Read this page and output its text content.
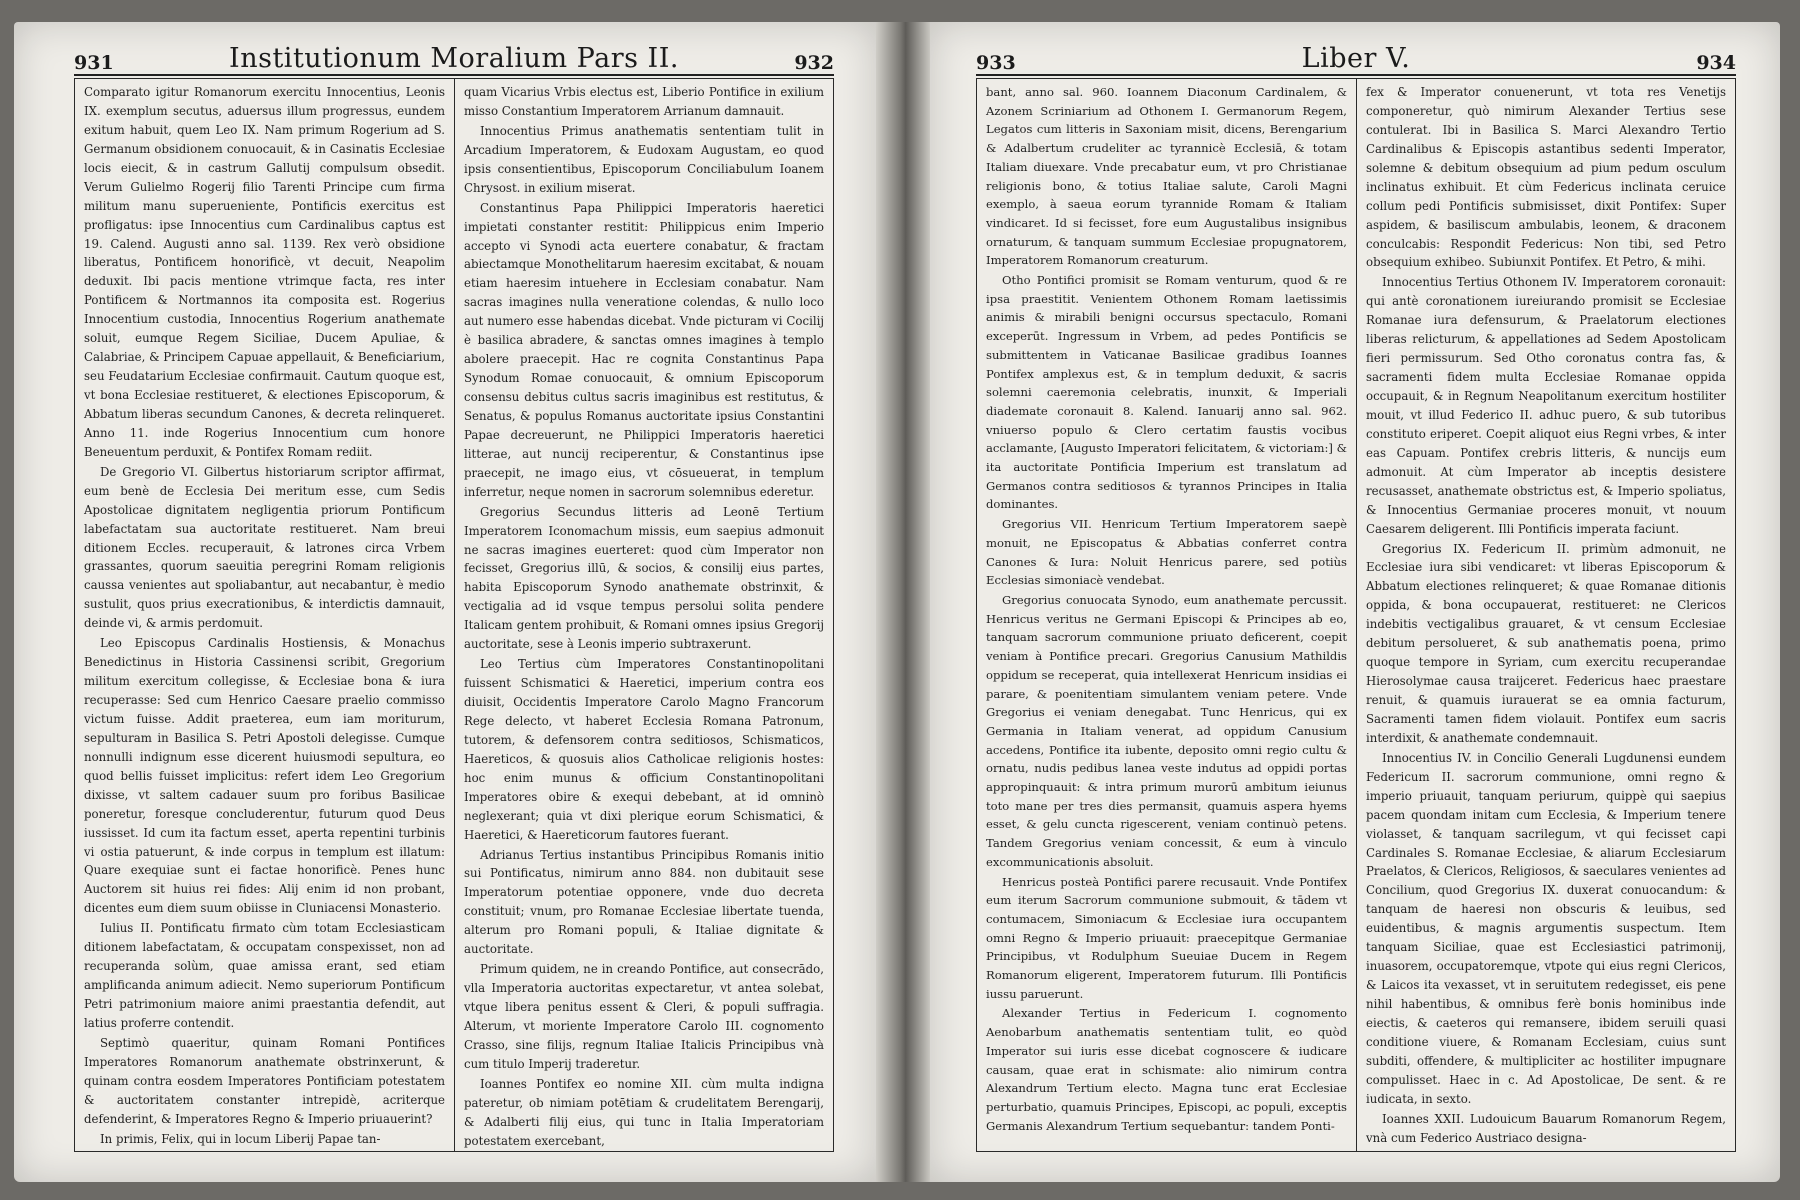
931	Institutionum Moralium Pars II.	932

Comparato igitur Romanorum exercitu Innocentius, Leonis IX. exemplum secutus, aduersus illum progressus, eundem exitum habuit, quem Leo IX. Nam primum Rogerium ad S. Germanum obsidionem conuocauit, & in Casinatis Ecclesiae locis eiecit, & in castrum Gallutij compulsum obsedit. Verum Gulielmo Rogerij filio Tarenti Principe cum firma militum manu superueniente, Pontificis exercitus est profligatus: ipse Innocentius cum Cardinalibus captus est 19. Calend. Augusti anno sal. 1139. Rex verò obsidione liberatus, Pontificem honorificè, vt decuit, Neapolim deduxit. Ibi pacis mentione vtrimque facta, res inter Pontificem & Nortmannos ita composita est. Rogerius Innocentium custodia, Innocentius Rogerium anathemate soluit, eumque Regem Siciliae, Ducem Apuliae, & Calabriae, & Principem Capuae appellauit, & Beneficiarium, seu Feudatarium Ecclesiae confirmauit. Cautum quoque est, vt bona Ecclesiae restitueret, & electiones Episcoporum, & Abbatum liberas secundum Canones, & decreta relinqueret. Anno 11. inde Rogerius Innocentium cum honore Beneuentum perduxit, & Pontifex Romam rediit.

De Gregorio VI. Gilbertus historiarum scriptor affirmat, eum benè de Ecclesia Dei meritum esse, cum Sedis Apostolicae dignitatem negligentia priorum Pontificum labefactatam sua auctoritate restitueret. Nam breui ditionem Eccles. recuperauit, & latrones circa Vrbem grassantes, quorum saeuitia peregrini Romam religionis caussa venientes aut spoliabantur, aut necabantur, è medio sustulit, quos prius execrationibus, & interdictis damnauit, deinde vi, & armis perdomuit.

Leo Episcopus Cardinalis Hostiensis, & Monachus Benedictinus in Historia Cassinensi scribit, Gregorium militum exercitum collegisse, & Ecclesiae bona & iura recuperasse: Sed cum Henrico Caesare praelio commisso victum fuisse. Addit praeterea, eum iam moriturum, sepulturam in Basilica S. Petri Apostoli delegisse. Cumque nonnulli indignum esse dicerent huiusmodi sepultura, eo quod bellis fuisset implicitus: refert idem Leo Gregorium dixisse, vt saltem cadauer suum pro foribus Basilicae poneretur, foresque concluderentur, futurum quod Deus iussisset. Id cum ita factum esset, aperta repentini turbinis vi ostia patuerunt, & inde corpus in templum est illatum: Quare exequiae sunt ei factae honorificè. Penes hunc Auctorem sit huius rei fides: Alij enim id non probant, dicentes eum diem suum obiisse in Cluniacensi Monasterio.

Iulius II. Pontificatu firmato cùm totam Ecclesiasticam ditionem labefactatam, & occupatam conspexisset, non ad recuperanda solùm, quae amissa erant, sed etiam amplificanda animum adiecit. Nemo superiorum Pontificum Petri patrimonium maiore animi praestantia defendit, aut latius proferre contendit.

Septimò quaeritur, quinam Romani Pontifices Imperatores Romanorum anathemate obstrinxerunt, & quinam contra eosdem Imperatores Pontificiam potestatem & auctoritatem constanter intrepidè, acriterque defenderint, & Imperatores Regno & Imperio priuauerint?

In primis, Felix, qui in locum Liberij Papae tan-

quam Vicarius Vrbis electus est, Liberio Pontifice in exilium misso Constantium Imperatorem Arrianum damnauit.

Innocentius Primus anathematis sententiam tulit in Arcadium Imperatorem, & Eudoxam Augustam, eo quod ipsis consentientibus, Episcoporum Conciliabulum Ioanem Chrysost. in exilium miserat.

Constantinus Papa Philippici Imperatoris haeretici impietati constanter restitit: Philippicus enim Imperio accepto vi Synodi acta euertere conabatur, & fractam abiectamque Monothelitarum haeresim excitabat, & nouam etiam haeresim intuehere in Ecclesiam conabatur. Nam sacras imagines nulla veneratione colendas, & nullo loco aut numero esse habendas dicebat. Vnde picturam vi Cocilij è basilica abradere, & sanctas omnes imagines à templo abolere praecepit. Hac re cognita Constantinus Papa Synodum Romae conuocauit, & omnium Episcoporum consensu debitus cultus sacris imaginibus est restitutus, & Senatus, & populus Romanus auctoritate ipsius Constantini Papae decreuerunt, ne Philippici Imperatoris haeretici litterae, aut nuncij reciperentur, & Constantinus ipse praecepit, ne imago eius, vt cōsueuerat, in templum inferretur, neque nomen in sacrorum solemnibus ederetur.

Gregorius Secundus litteris ad Leonē Tertium Imperatorem Iconomachum missis, eum saepius admonuit ne sacras imagines euerteret: quod cùm Imperator non fecisset, Gregorius illū, & socios, & consilij eius partes, habita Episcoporum Synodo anathemate obstrinxit, & vectigalia ad id vsque tempus persolui solita pendere Italicam gentem prohibuit, & Romani omnes ipsius Gregorij auctoritate, sese à Leonis imperio subtraxerunt.

Leo Tertius cùm Imperatores Constantinopolitani fuissent Schismatici & Haeretici, imperium contra eos diuisit, Occidentis Imperatore Carolo Magno Francorum Rege delecto, vt haberet Ecclesia Romana Patronum, tutorem, & defensorem contra seditiosos, Schismaticos, Haereticos, & quosuis alios Catholicae religionis hostes: hoc enim munus & officium Constantinopolitani Imperatores obire & exequi debebant, at id omninò neglexerant; quia vt dixi plerique eorum Schismatici, & Haeretici, & Haereticorum fautores fuerant.

Adrianus Tertius instantibus Principibus Romanis initio sui Pontificatus, nimirum anno 884. non dubitauit sese Imperatorum potentiae opponere, vnde duo decreta constituit; vnum, pro Romanae Ecclesiae libertate tuenda, alterum pro Romani populi, & Italiae dignitate & auctoritate.

Primum quidem, ne in creando Pontifice, aut consecrādo, vlla Imperatoria auctoritas expectaretur, vt antea solebat, vtque libera penitus essent & Cleri, & populi suffragia. Alterum, vt moriente Imperatore Carolo III. cognomento Crasso, sine filijs, regnum Italiae Italicis Principibus vnà cum titulo Imperij traderetur.

Ioannes Pontifex eo nomine XII. cùm multa indigna pateretur, ob nimiam potētiam & crudelitatem Berengarij, & Adalberti filij eius, qui tunc in Italia Imperatoriam potestatem exercebant,

933	Liber V.	934

bant, anno sal. 960. Ioannem Diaconum Cardinalem, & Azonem Scriniarium ad Othonem I. Germanorum Regem, Legatos cum litteris in Saxoniam misit, dicens, Berengarium & Adalbertum crudeliter ac tyrannicè Ecclesiā, & totam Italiam diuexare. Vnde precabatur eum, vt pro Christianae religionis bono, & totius Italiae salute, Caroli Magni exemplo, à saeua eorum tyrannide Romam & Italiam vindicaret. Id si fecisset, fore eum Augustalibus insignibus ornaturum, & tanquam summum Ecclesiae propugnatorem, Imperatorem Romanorum creaturum.

Otho Pontifici promisit se Romam venturum, quod & re ipsa praestitit. Venientem Othonem Romam laetissimis animis & mirabili benigni occursus spectaculo, Romani exceperūt. Ingressum in Vrbem, ad pedes Pontificis se submittentem in Vaticanae Basilicae gradibus Ioannes Pontifex amplexus est, & in templum deduxit, & sacris solemni caeremonia celebratis, inunxit, & Imperiali diademate coronauit 8. Kalend. Ianuarij anno sal. 962. vniuerso populo & Clero certatim faustis vocibus acclamante, [Augusto Imperatori felicitatem, & victoriam:] & ita auctoritate Pontificia Imperium est translatum ad Germanos contra seditiosos & tyrannos Principes in Italia dominantes.

Gregorius VII. Henricum Tertium Imperatorem saepè monuit, ne Episcopatus & Abbatias conferret contra Canones & Iura: Noluit Henricus parere, sed potiùs Ecclesias simoniacè vendebat.

Gregorius conuocata Synodo, eum anathemate percussit. Henricus veritus ne Germani Episcopi & Principes ab eo, tanquam sacrorum communione priuato deficerent, coepit veniam à Pontifice precari. Gregorius Canusium Mathildis oppidum se receperat, quia intellexerat Henricum insidias ei parare, & poenitentiam simulantem veniam petere. Vnde Gregorius ei veniam denegabat. Tunc Henricus, qui ex Germania in Italiam venerat, ad oppidum Canusium accedens, Pontifice ita iubente, deposito omni regio cultu & ornatu, nudis pedibus lanea veste indutus ad oppidi portas appropinquauit: & intra primum murorū ambitum ieiunus toto mane per tres dies permansit, quamuis aspera hyems esset, & gelu cuncta rigescerent, veniam continuò petens. Tandem Gregorius veniam concessit, & eum à vinculo excommunicationis absoluit.

Henricus posteà Pontifici parere recusauit. Vnde Pontifex eum iterum Sacrorum communione submouit, & tādem vt contumacem, Simoniacum & Ecclesiae iura occupantem omni Regno & Imperio priuauit: praecepitque Germaniae Principibus, vt Rodulphum Sueuiae Ducem in Regem Romanorum eligerent, Imperatorem futurum. Illi Pontificis iussu paruerunt.

Alexander Tertius in Federicum I. cognomento Aenobarbum anathematis sententiam tulit, eo quòd Imperator sui iuris esse dicebat cognoscere & iudicare causam, quae erat in schismate: alio nimirum contra Alexandrum Tertium electo. Magna tunc erat Ecclesiae perturbatio, quamuis Principes, Episcopi, ac populi, exceptis Germanis Alexandrum Tertium sequebantur: tandem Ponti-

fex & Imperator conuenerunt, vt tota res Venetijs componeretur, quò nimirum Alexander Tertius sese contulerat. Ibi in Basilica S. Marci Alexandro Tertio Cardinalibus & Episcopis astantibus sedenti Imperator, solemne & debitum obsequium ad pium pedum osculum inclinatus exhibuit. Et cùm Federicus inclinata ceruice collum pedi Pontificis submisisset, dixit Pontifex: Super aspidem, & basiliscum ambulabis, leonem, & draconem conculcabis: Respondit Federicus: Non tibi, sed Petro obsequium exhibeo. Subiunxit Pontifex. Et Petro, & mihi.

Innocentius Tertius Othonem IV. Imperatorem coronauit: qui antè coronationem iureiurando promisit se Ecclesiae Romanae iura defensurum, & Praelatorum electiones liberas relicturum, & appellationes ad Sedem Apostolicam fieri permissurum. Sed Otho coronatus contra fas, & sacramenti fidem multa Ecclesiae Romanae oppida occupauit, & in Regnum Neapolitanum exercitum hostiliter mouit, vt illud Federico II. adhuc puero, & sub tutoribus constituto eriperet. Coepit aliquot eius Regni vrbes, & inter eas Capuam. Pontifex crebris litteris, & nuncijs eum admonuit. At cùm Imperator ab inceptis desistere recusasset, anathemate obstrictus est, & Imperio spoliatus, & Innocentius Germaniae proceres monuit, vt nouum Caesarem deligerent. Illi Pontificis imperata faciunt.

Gregorius IX. Federicum II. primùm admonuit, ne Ecclesiae iura sibi vendicaret: vt liberas Episcoporum & Abbatum electiones relinqueret; & quae Romanae ditionis oppida, & bona occupauerat, restitueret: ne Clericos indebitis vectigalibus grauaret, & vt censum Ecclesiae debitum persolueret, & sub anathematis poena, primo quoque tempore in Syriam, cum exercitu recuperandae Hierosolymae causa traijceret. Federicus haec praestare renuit, & quamuis iurauerat se ea omnia facturum, Sacramenti tamen fidem violauit. Pontifex eum sacris interdixit, & anathemate condemnauit.

Innocentius IV. in Concilio Generali Lugdunensi eundem Federicum II. sacrorum communione, omni regno & imperio priuauit, tanquam periurum, quippè qui saepius pacem quondam initam cum Ecclesia, & Imperium tenere violasset, & tanquam sacrilegum, vt qui fecisset capi Cardinales S. Romanae Ecclesiae, & aliarum Ecclesiarum Praelatos, & Clericos, Religiosos, & saeculares venientes ad Concilium, quod Gregorius IX. duxerat conuocandum: & tanquam de haeresi non obscuris & leuibus, sed euidentibus, & magnis argumentis suspectum. Item tanquam Siciliae, quae est Ecclesiastici patrimonij, inuasorem, occupatoremque, vtpote qui eius regni Clericos, & Laicos ita vexasset, vt in seruitutem redegisset, eis pene nihil habentibus, & omnibus ferè bonis hominibus inde eiectis, & caeteros qui remansere, ibidem seruili quasi conditione viuere, & Romanam Ecclesiam, cuius sunt subditi, offendere, & multipliciter ac hostiliter impugnare compulisset. Haec in c. Ad Apostolicae, De sent. & re iudicata, in sexto.

Ioannes XXII. Ludouicum Bauarum Romanorum Regem, vnà cum Federico Austriaco designa-
